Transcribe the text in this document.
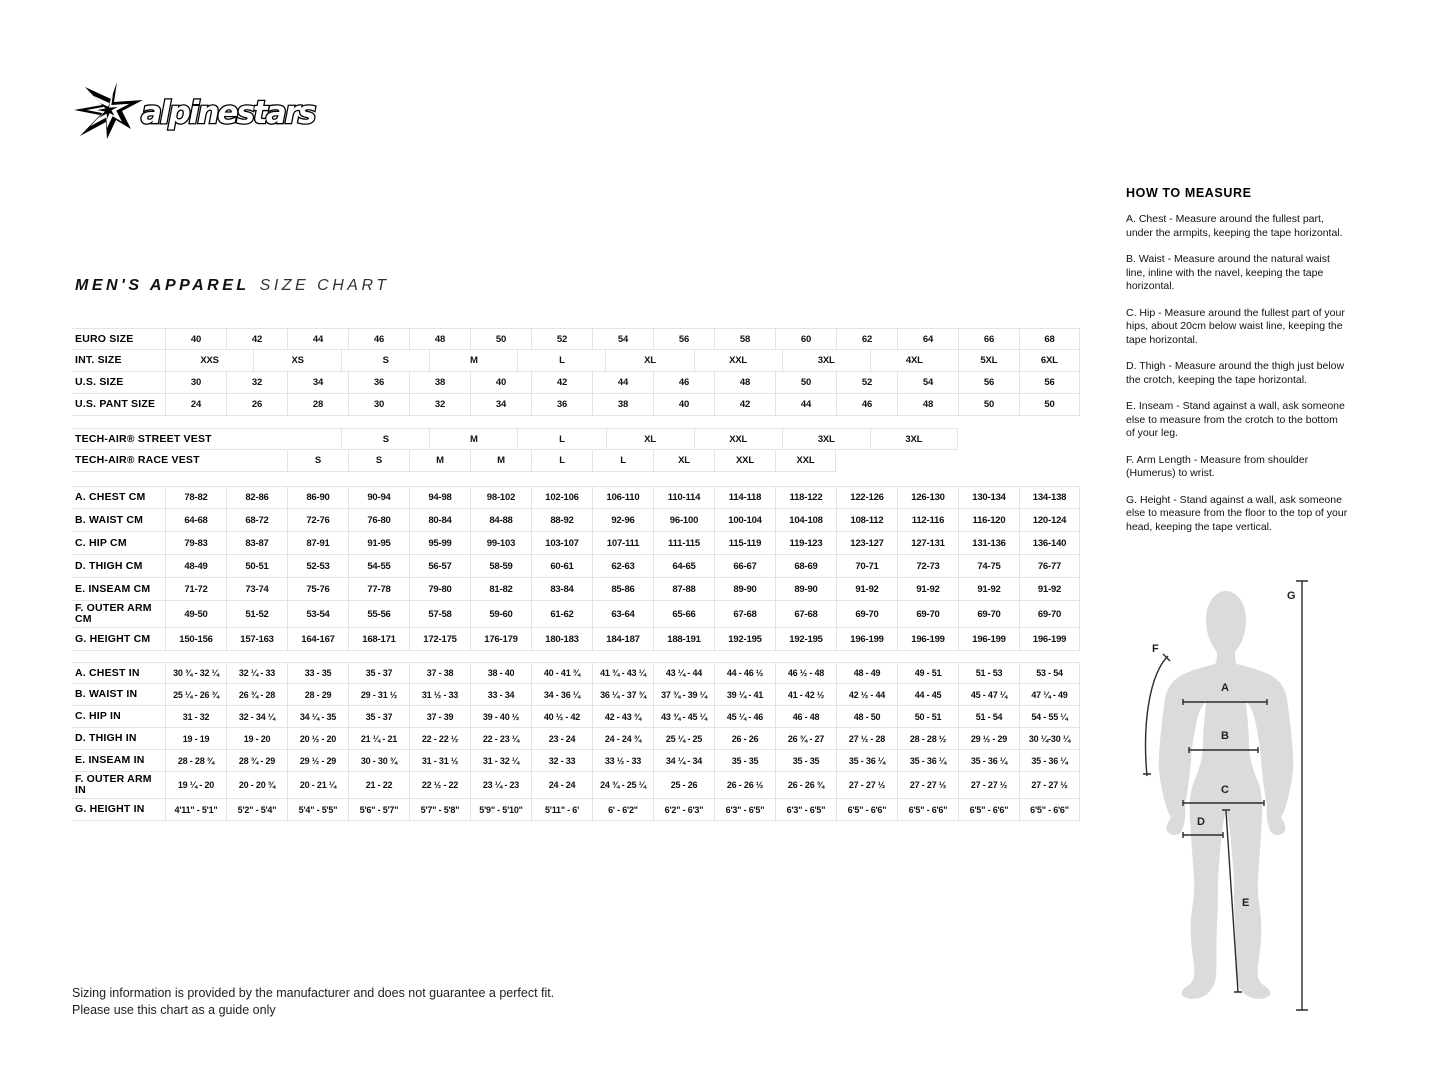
alpinestars
MEN'S APPAREL SIZE CHART
EURO SIZE	40	42	44	46	48	50	52	54	56	58	60	62	64	66	68
INT. SIZE	XXS	XS	S	M	L	XL	XXL	3XL	4XL	5XL	6XL
U.S. SIZE	30	32	34	36	38	40	42	44	46	48	50	52	54	56	56
U.S. PANT SIZE	24	26	28	30	32	34	36	38	40	42	44	46	48	50	50
TECH-AIR® STREET VEST	S	M	L	XL	XXL	3XL	3XL
TECH-AIR® RACE VEST	S	S	M	M	L	L	XL	XXL	XXL
A. CHEST CM	78-82	82-86	86-90	90-94	94-98	98-102	102-106	106-110	110-114	114-118	118-122	122-126	126-130	130-134	134-138
B. WAIST CM	64-68	68-72	72-76	76-80	80-84	84-88	88-92	92-96	96-100	100-104	104-108	108-112	112-116	116-120	120-124
C. HIP CM	79-83	83-87	87-91	91-95	95-99	99-103	103-107	107-111	111-115	115-119	119-123	123-127	127-131	131-136	136-140
D. THIGH CM	48-49	50-51	52-53	54-55	56-57	58-59	60-61	62-63	64-65	66-67	68-69	70-71	72-73	74-75	76-77
E. INSEAM CM	71-72	73-74	75-76	77-78	79-80	81-82	83-84	85-86	87-88	89-90	89-90	91-92	91-92	91-92	91-92
F. OUTER ARM CM	49-50	51-52	53-54	55-56	57-58	59-60	61-62	63-64	65-66	67-68	67-68	69-70	69-70	69-70	69-70
G. HEIGHT CM	150-156	157-163	164-167	168-171	172-175	176-179	180-183	184-187	188-191	192-195	192-195	196-199	196-199	196-199	196-199
A. CHEST IN	30 ¾ - 32 ¼	32 ¼ - 33	33 - 35	35 - 37	37 - 38	38 - 40	40 - 41 ¾	41 ¾ - 43 ¼	43 ¼ - 44	44 - 46 ½	46 ½ - 48	48 - 49	49 - 51	51 - 53	53 - 54
B. WAIST IN	25 ¼ - 26 ¾	26 ¾ - 28	28 - 29	29 - 31 ½	31 ½ - 33	33 - 34	34 - 36 ¼	36 ¼ - 37 ¾	37 ¾ - 39 ¼	39 ¼ - 41	41 - 42 ½	42 ½ - 44	44 - 45	45 - 47 ¼	47 ¼ - 49
C. HIP IN	31 - 32	32 - 34 ¼	34 ¼ - 35	35 - 37	37 - 39	39 - 40 ½	40 ½ - 42	42 - 43 ¾	43 ¾ - 45 ¼	45 ¼ - 46	46 - 48	48 - 50	50 - 51	51 - 54	54 - 55 ¼
D. THIGH IN	19 - 19	19 - 20	20 ½ - 20	21 ¼ - 21	22 - 22 ½	22 - 23 ¼	23 - 24	24 - 24 ¾	25 ¼ - 25	26 - 26	26 ¾ - 27	27 ½ - 28	28 - 28 ½	29 ½ - 29	30 ¼-30 ¼
E. INSEAM IN	28 - 28 ¾	28 ¾ - 29	29 ½ - 29	30 - 30 ¾	31 - 31 ½	31 - 32 ¼	32 - 33	33 ½ - 33	34 ¼ - 34	35 - 35	35 - 35	35 - 36 ¼	35 - 36 ¼	35 - 36 ¼	35 - 36 ¼
F. OUTER ARM IN	19 ¼ - 20	20 - 20 ¾	20 - 21 ¼	21 - 22	22 ½ - 22	23 ¼ - 23	24 - 24	24 ¾ - 25 ¼	25 - 26	26 - 26 ½	26 - 26 ¾	27 - 27 ½	27 - 27 ½	27 - 27 ½	27 - 27 ½
G. HEIGHT IN	4'11" - 5'1"	5'2" - 5'4"	5'4" - 5'5"	5'6" - 5'7"	5'7" - 5'8"	5'9" - 5'10"	5'11" - 6'	6' - 6'2"	6'2" - 6'3"	6'3" - 6'5"	6'3" - 6'5"	6'5" - 6'6"	6'5" - 6'6"	6'5" - 6'6"	6'5" - 6'6"
HOW TO MEASURE

A. Chest - Measure around the fullest part, under the armpits, keeping the tape horizontal.

B. Waist - Measure around the natural waist line, inline with the navel, keeping the tape horizontal.

C. Hip - Measure around the fullest part of your hips, about 20cm below waist line, keeping the tape horizontal.

D. Thigh - Measure around the thigh just below the crotch, keeping the tape horizontal.

E. Inseam - Stand against a wall, ask someone else to measure from the crotch to the bottom of your leg.

F. Arm Length - Measure from shoulder (Humerus) to wrist.

G. Height - Stand against a wall, ask someone else to measure from the floor to the top of your head, keeping the tape vertical.

A
B
C
D
E
F
G
Sizing information is provided by the manufacturer and does not guarantee a perfect fit.
Please use this chart as a guide only
